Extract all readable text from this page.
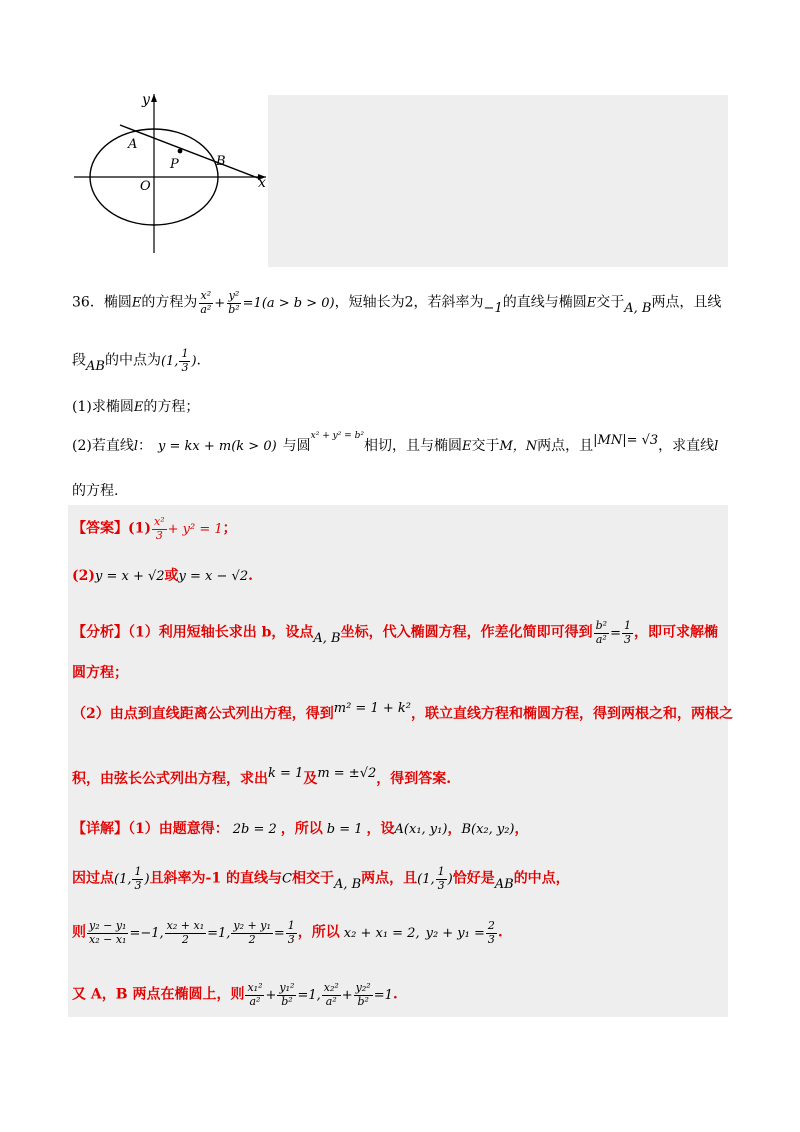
y
x
O
A
B
P
36．椭圆E的方程为 $\frac{\text{x²}}{\text{a²}} + \frac{\text{y²}}{\text{b²}} =1(a > b > 0)$，短轴长为2，若斜率为−1的直线与椭圆E交于A, B两点，且线
段AB的中点为(1, $\frac{1}{3}$ ).
(1)求椭圆E的方程；
(2)若直线l： y = kx + m(k > 0) 与圆$^{x^2 + y^2 = b^2}$相切，且与椭圆E交于M，N两点，且|MN|= √3，求直线l
的方程.
【答案】$(1) \frac{\text{x²}}{3} + y^2 = 1$；
(2)y = x + √2或y = x − √2.
【分析】（1）利用短轴长求出 b，设点A, B坐标，代入椭圆方程，作差化简即可得到 $\frac{\text{b²}}{\text{a²}} = \frac{1}{3}$ ，即可求解椭
圆方程；
（2）由点到直线距离公式列出方程，得到m² = 1 + k²，联立直线方程和椭圆方程，得到两根之和，两根之
积，由弦长公式列出方程，求出k = 1及m = ±√2，得到答案.
【详解】（1）由题意得： 2b = 2 ，所以 b = 1 ，设A(x₁, y₁)，B(x₂, y₂)，
因过点(1, $\frac{1}{3}$ )且斜率为-1 的直线与C相交于A, B两点，且(1, $\frac{1}{3}$ )恰好是AB的中点，
则 $\frac{\text{y₂ − y₁}}{\text{x₂ − x₁}} =-1$, $\frac{\text{x₂ + x₁}}{2} =1$, $\frac{\text{y₂ + y₁}}{2} = \frac{1}{3}$ ，所以 x₂ + x₁ = 2, $y_2 + y_1 = \frac{2}{3}$ .
又 A，B 两点在椭圆上，则 $\frac{\text{x₁²}}{\text{a²}} + \frac{\text{y₁²}}{\text{b²}} =1$, $\frac{\text{x₂²}}{\text{a²}} + \frac{\text{y₂²}}{\text{b²}} =1$.
